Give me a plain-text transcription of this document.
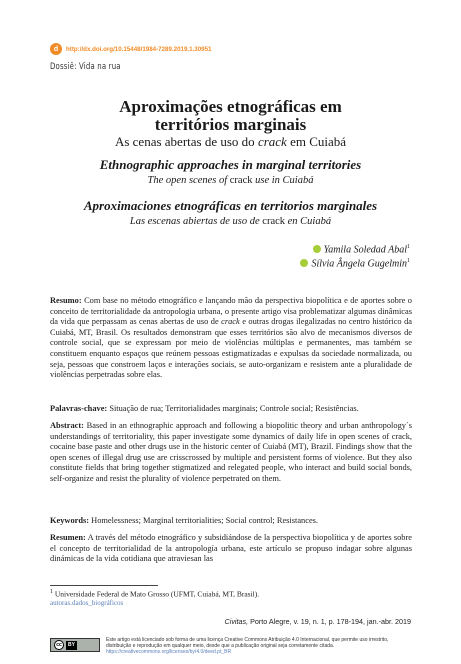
d	http://dx.doi.org/10.15448/1984-7289.2019.1.30951
Dossiê: Vida na rua
Aproximações etnográficas em
territórios marginais
As cenas abertas de uso do crack em Cuiabá
Ethnographic approaches in marginal territories
The open scenes of crack use in Cuiabá
Aproximaciones etnográficas en territorios marginales
Las escenas abiertas de uso de crack en Cuiabá
Yamila Soledad Abal$^1$
Sílvia Ângela Gugelmin$^1$
Resumo: Com base no método etnográfico e lançando mão da perspectiva biopolítica e de aportes sobre o conceito de territorialidade da antropologia urbana, o presente artigo visa problematizar algumas dinâmicas da vida que perpassam as cenas abertas de uso de crack e outras drogas ilegalizadas no centro histórico da Cuiabá, MT, Brasil. Os resultados demonstram que esses territórios são alvo de mecanismos diversos de controle social, que se expressam por meio de violências múltiplas e permanentes, mas também se constituem enquanto espaços que reúnem pessoas estigmatizadas e expulsas da sociedade normalizada, ou seja, pessoas que constroem laços e interações sociais, se auto-organizam e resistem ante a pluralidade de violências perpetradas sobre elas.
Palavras-chave: Situação de rua; Territorialidades marginais; Controle social; Resistências.
Abstract: Based in an ethnographic approach and following a biopolitic theory and urban anthropology´s understandings of territoriality, this paper investigate some dynamics of daily life in open scenes of crack, cocaine base paste and other drugs use in the historic center of Cuiabá (MT), Brazil. Findings show that the open scenes of illegal drug use are crisscrossed by multiple and persistent forms of violence. But they also constitute fields that bring together stigmatized and relegated people, who interact and build social bonds, self-organize and resist the plurality of violence perpetrated on them.
Keywords: Homelessness; Marginal territorialities; Social control; Resistances.
Resumen: A través del método etnográfico y subsidiándose de la perspectiva biopolítica y de aportes sobre el concepto de territorialidad de la antropología urbana, este artículo se propuso indagar sobre algunas dinámicas de la vida cotidiana que atraviesan las
$^1$ Universidade Federal de Mato Grosso (UFMT, Cuiabá, MT, Brasil).
autoras.dados_biográficos
Civitas, Porto Alegre, v. 19, n. 1, p. 178-194, jan.-abr. 2019
cc	BY
Este artigo está licenciado sob forma de uma licença Creative Commons Atribuição 4.0 Internacional, que permite uso irrestrito, distribuição e reprodução em qualquer meio, desde que a publicação original seja corretamente citada.
https://creativecommons.org/licenses/by/4.0/deed.pt_BR
